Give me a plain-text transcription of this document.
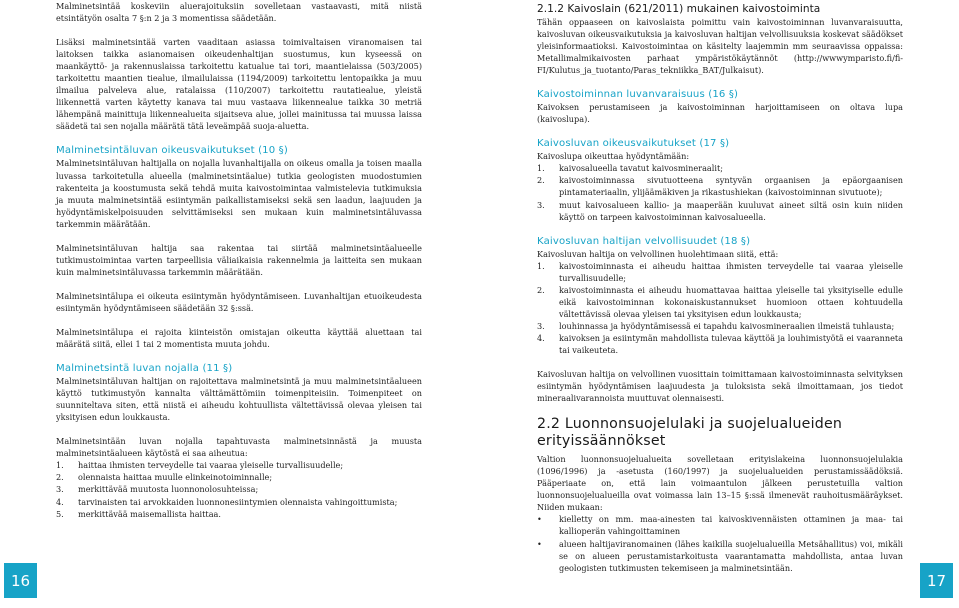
Malminetsintää koskeviin aluerajoituksiin sovelletaan vastaavasti, mitä niistä etsintätyön osalta 7 §:n 2 ja 3 momentissa säädetään.

Lisäksi malminetsintää varten vaaditaan asiassa toimivaltaisen viranomaisen tai laitoksen taikka asianomaisen oikeudenhaltijan suostumus, kun kyseessä on maankäyttö- ja rakennuslaissa tarkoitettu katualue tai tori, maantielaissa (503/2005) tarkoitettu maantien tiealue, ilmailulaissa (1194/2009) tarkoitettu lentopaikka ja muu ilmailua palveleva alue, ratalaissa (110/2007) tarkoitettu rautatiealue, yleistä liikennettä varten käytetty kanava tai muu vastaava liikennealue taikka 30 metriä lähempänä mainittuja liikennealueita sijaitseva alue, jollei mainitussa tai muussa laissa säädetä tai sen nojalla määrätä tätä leveämpää suoja-aluetta.

Malminetsintäluvan oikeusvaikutukset (10 §)

Malminetsintäluvan haltijalla on nojalla luvanhaltijalla on oikeus omalla ja toisen maalla luvassa tarkoitetulla alueella (malminetsintäalue) tutkia geologisten muodostumien rakenteita ja koostumusta sekä tehdä muita kaivostoimintaa valmistelevia tutkimuksia ja muuta malminetsintää esiintymän paikallistamiseksi sekä sen laadun, laajuuden ja hyödyntämiskelpoisuuden selvittämiseksi sen mukaan kuin malminetsintäluvassa tarkemmin määrätään.

Malminetsintäluvan haltija saa rakentaa tai siirtää malminetsintäalueelle tutkimustoimintaa varten tarpeellisia väliaikaisia rakennelmia ja laitteita sen mukaan kuin malminetsintäluvassa tarkemmin määrätään.

Malminetsintälupa ei oikeuta esiintymän hyödyntämiseen. Luvanhaltijan etuoikeudesta esiintymän hyödyntämiseen säädetään 32 §:ssä.

Malminetsintälupa ei rajoita kiinteistön omistajan oikeutta käyttää aluettaan tai määrätä siitä, ellei 1 tai 2 momentista muuta johdu.

Malminetsintä luvan nojalla (11 §)

Malminetsintäluvan haltijan on rajoitettava malminetsintä ja muu malminetsintäalueen käyttö tutkimustyön kannalta välttämättömiin toimenpiteisiin. Toimenpiteet on suunniteltava siten, että niistä ei aiheudu kohtuullista vältettävissä olevaa yleisen tai yksityisen edun loukkausta.

Malminetsintään luvan nojalla tapahtuvasta malminetsinnästä ja muusta malminetsintäalueen käytöstä ei saa aiheutua:

1. haittaa ihmisten terveydelle tai vaaraa yleiselle turvallisuudelle;
2. olennaista haittaa muulle elinkeinotoiminnalle;
3. merkittävää muutosta luonnonolosuhteissa;
4. tarvinaisten tai arvokkaiden luonnonesiintymien olennaista vahingoittumista;
5. merkittävää maisemallista haittaa.
2.1.2 Kaivoslain (621/2011) mukainen kaivostoiminta

Tähän oppaaseen on kaivoslaista poimittu vain kaivostoiminnan luvanvaraisuutta, kaivosluvan oikeusvaikutuksia ja kaivosluvan haltijan velvollisuuksia koskevat säädökset yleisinformaatioksi. Kaivostoimintaa on käsitelty laajemmin mm seuraavissa oppaissa: Metallimalmikaivosten parhaat ympäristökäytännöt (http://wwwymparisto.fi/fi-FI/Kulutus_ja_tuotanto/Paras_tekniikka_BAT/Julkaisut).

Kaivostoiminnan luvanvaraisuus (16 §)

Kaivoksen perustamiseen ja kaivostoiminnan harjoittamiseen on oltava lupa (kaivoslupa).

Kaivosluvan oikeusvaikutukset (17 §)

Kaivoslupa oikeuttaa hyödyntämään:

1. kaivosalueella tavatut kaivosmineraalit;
2. kaivostoiminnassa sivutuotteena syntyvän orgaanisen ja epäorgaanisen pintamateriaalin, ylijäämäkiven ja rikastushiekan (kaivostoiminnan sivutuote);
3. muut kaivosalueen kallio- ja maaperään kuuluvat aineet siltä osin kuin niiden käyttö on tarpeen kaivostoiminnan kaivosalueella.
Kaivosluvan haltijan velvollisuudet (18 §)

Kaivosluvan haltija on velvollinen huolehtimaan siitä, että:

1. kaivostoiminnasta ei aiheudu haittaa ihmisten terveydelle tai vaaraa yleiselle turvallisuudelle;
2. kaivostoiminnasta ei aiheudu huomattavaa haittaa yleiselle tai yksityiselle edulle eikä kaivostoiminnan kokonaiskustannukset huomioon ottaen kohtuudella vältettävissä olevaa yleisen tai yksityisen edun loukkausta;
3. louhinnassa ja hyödyntämisessä ei tapahdu kaivosmineraalien ilmeistä tuhlausta;
4. kaivoksen ja esiintymän mahdollista tulevaa käyttöä ja louhimistyötä ei vaaranneta tai vaikeuteta.

Kaivosluvan haltija on velvollinen vuosittain toimittamaan kaivostoiminnasta selvityksen esiintymän hyödyntämisen laajuudesta ja tuloksista sekä ilmoittamaan, jos tiedot mineraalivarannoista muuttuvat olennaisesti.

2.2 Luonnonsuojelulaki ja suojelualueiden erityissäännökset

Valtion luonnonsuojelualueita sovelletaan erityislakeina luonnonsuojelulakia (1096/1996) ja -asetusta (160/1997) ja suojelualueiden perustamissäädöksiä. Pääperiaate on, että lain voimaantulon jälkeen perustetuilla valtion luonnonsuojelualueilla ovat voimassa lain 13–15 §:ssä ilmenevät rauhoitusmääräykset. Niiden mukaan:

• kielletty on mm. maa-ainesten tai kaivoskivennäisten ottaminen ja maa- tai kallioperän vahingoittaminen
• alueen haltijaviranomainen (lähes kaikilla suojelualueilla Metsähallitus) voi, mikäli se on alueen perustamistarkoitusta vaarantamatta mahdollista, antaa luvan geologisten tutkimusten tekemiseen ja malminetsintään.
16	17
